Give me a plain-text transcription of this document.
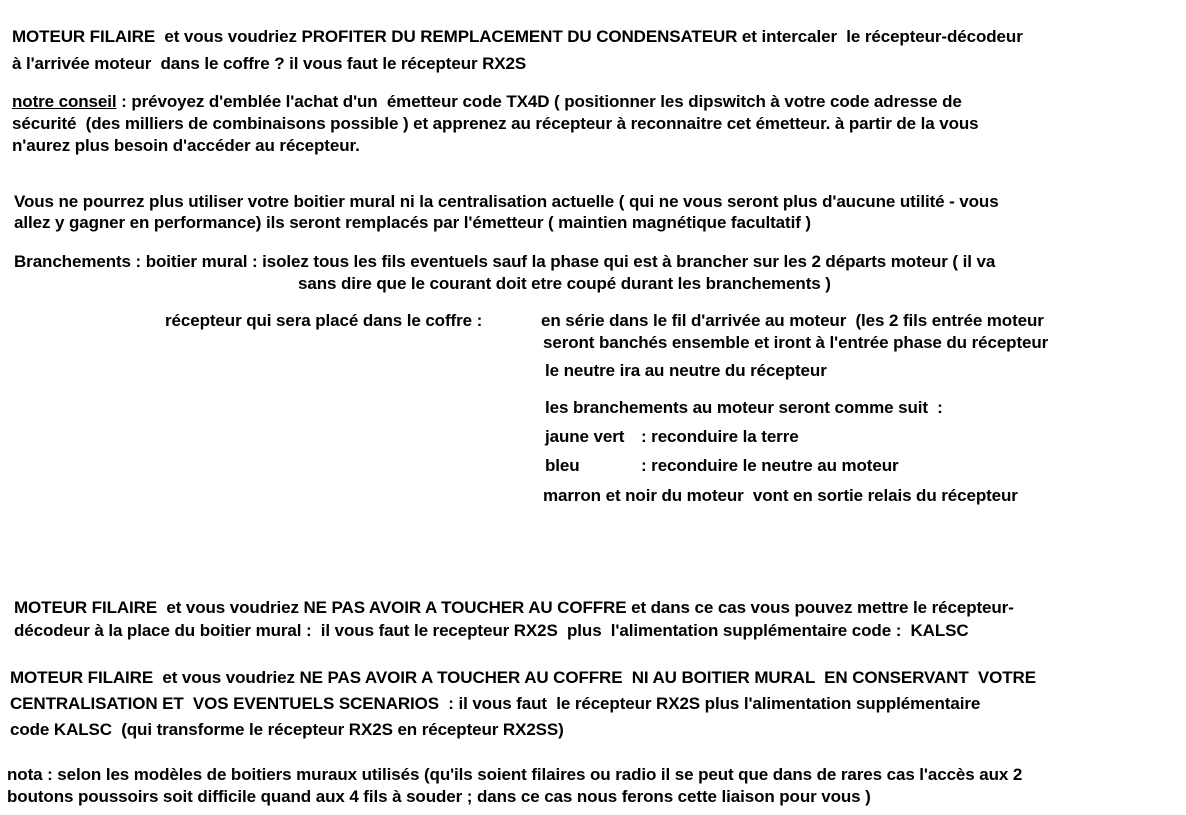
MOTEUR FILAIRE  et vous voudriez PROFITER DU REMPLACEMENT DU CONDENSATEUR et intercaler  le récepteur-décodeur
à l'arrivée moteur  dans le coffre ? il vous faut le récepteur RX2S
notre conseil : prévoyez d'emblée l'achat d'un  émetteur code TX4D ( positionner les dipswitch à votre code adresse de
sécurité  (des milliers de combinaisons possible ) et apprenez au récepteur à reconnaitre cet émetteur. à partir de la vous
n'aurez plus besoin d'accéder au récepteur.
Vous ne pourrez plus utiliser votre boitier mural ni la centralisation actuelle ( qui ne vous seront plus d'aucune utilité - vous
allez y gagner en performance) ils seront remplacés par l'émetteur ( maintien magnétique facultatif )
Branchements : boitier mural : isolez tous les fils eventuels sauf la phase qui est à brancher sur les 2 départs moteur ( il va
sans dire que le courant doit etre coupé durant les branchements )
récepteur qui sera placé dans le coffre :	en série dans le fil d'arrivée au moteur  (les 2 fils entrée moteur
seront banchés ensemble et iront à l'entrée phase du récepteur
le neutre ira au neutre du récepteur
les branchements au moteur seront comme suit  :
jaune vert : reconduire la terre
bleu	: reconduire le neutre au moteur
marron et noir du moteur  vont en sortie relais du récepteur
MOTEUR FILAIRE  et vous voudriez NE PAS AVOIR A TOUCHER AU COFFRE et dans ce cas vous pouvez mettre le récepteur-
décodeur à la place du boitier mural :  il vous faut le recepteur RX2S  plus  l'alimentation supplémentaire code :  KALSC
MOTEUR FILAIRE  et vous voudriez NE PAS AVOIR A TOUCHER AU COFFRE  NI AU BOITIER MURAL  EN CONSERVANT  VOTRE
CENTRALISATION ET  VOS EVENTUELS SCENARIOS  : il vous faut  le récepteur RX2S plus l'alimentation supplémentaire
code KALSC  (qui transforme le récepteur RX2S en récepteur RX2SS)
nota : selon les modèles de boitiers muraux utilisés (qu'ils soient filaires ou radio il se peut que dans de rares cas l'accès aux 2
boutons poussoirs soit difficile quand aux 4 fils à souder ; dans ce cas nous ferons cette liaison pour vous )
